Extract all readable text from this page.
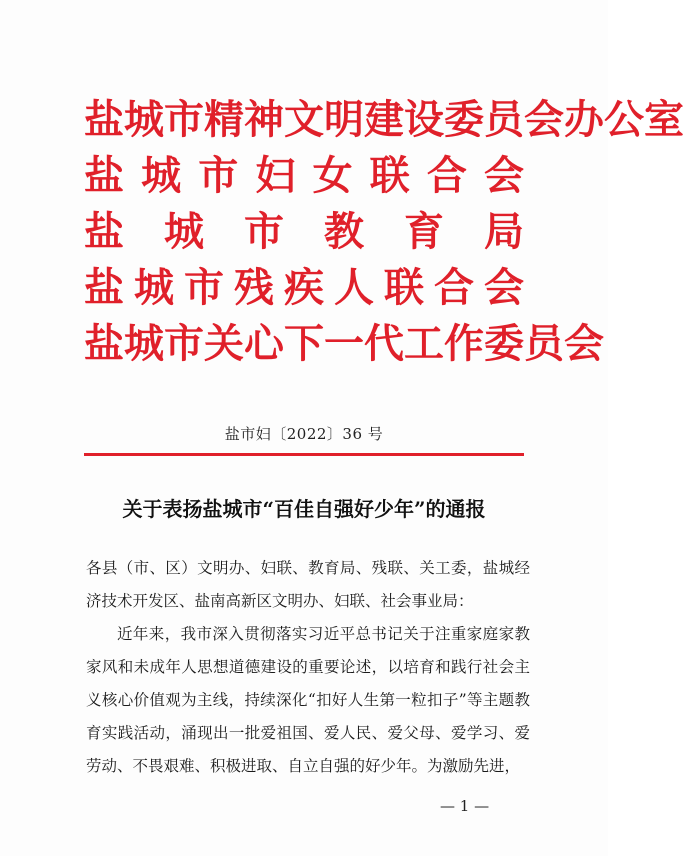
盐 城 市 精 神 文 明 建 设 委 员 会 办 公 室
盐 城 市 妇 女 联 合 会
盐 城 市 教 育 局
盐 城 市 残 疾 人 联 合 会
盐 城 市 关 心 下 一 代 工 作 委 员 会
盐市妇〔2022〕36 号
关于表扬盐城市“百佳自强好少年”的通报

各县（市、区）文明办、妇联、教育局、残联、关工委，盐城经济技术开发区、盐南高新区文明办、妇联、社会事业局：

近年来，我市深入贯彻落实习近平总书记关于注重家庭家教家风和未成年人思想道德建设的重要论述，以培育和践行社会主义核心价值观为主线，持续深化“扣好人生第一粒扣子”等主题教育实践活动，涌现出一批爱祖国、爱人民、爱父母、爱学习、爱劳动、不畏艰难、积极进取、自立自强的好少年。为激励先进，

— 1 —
